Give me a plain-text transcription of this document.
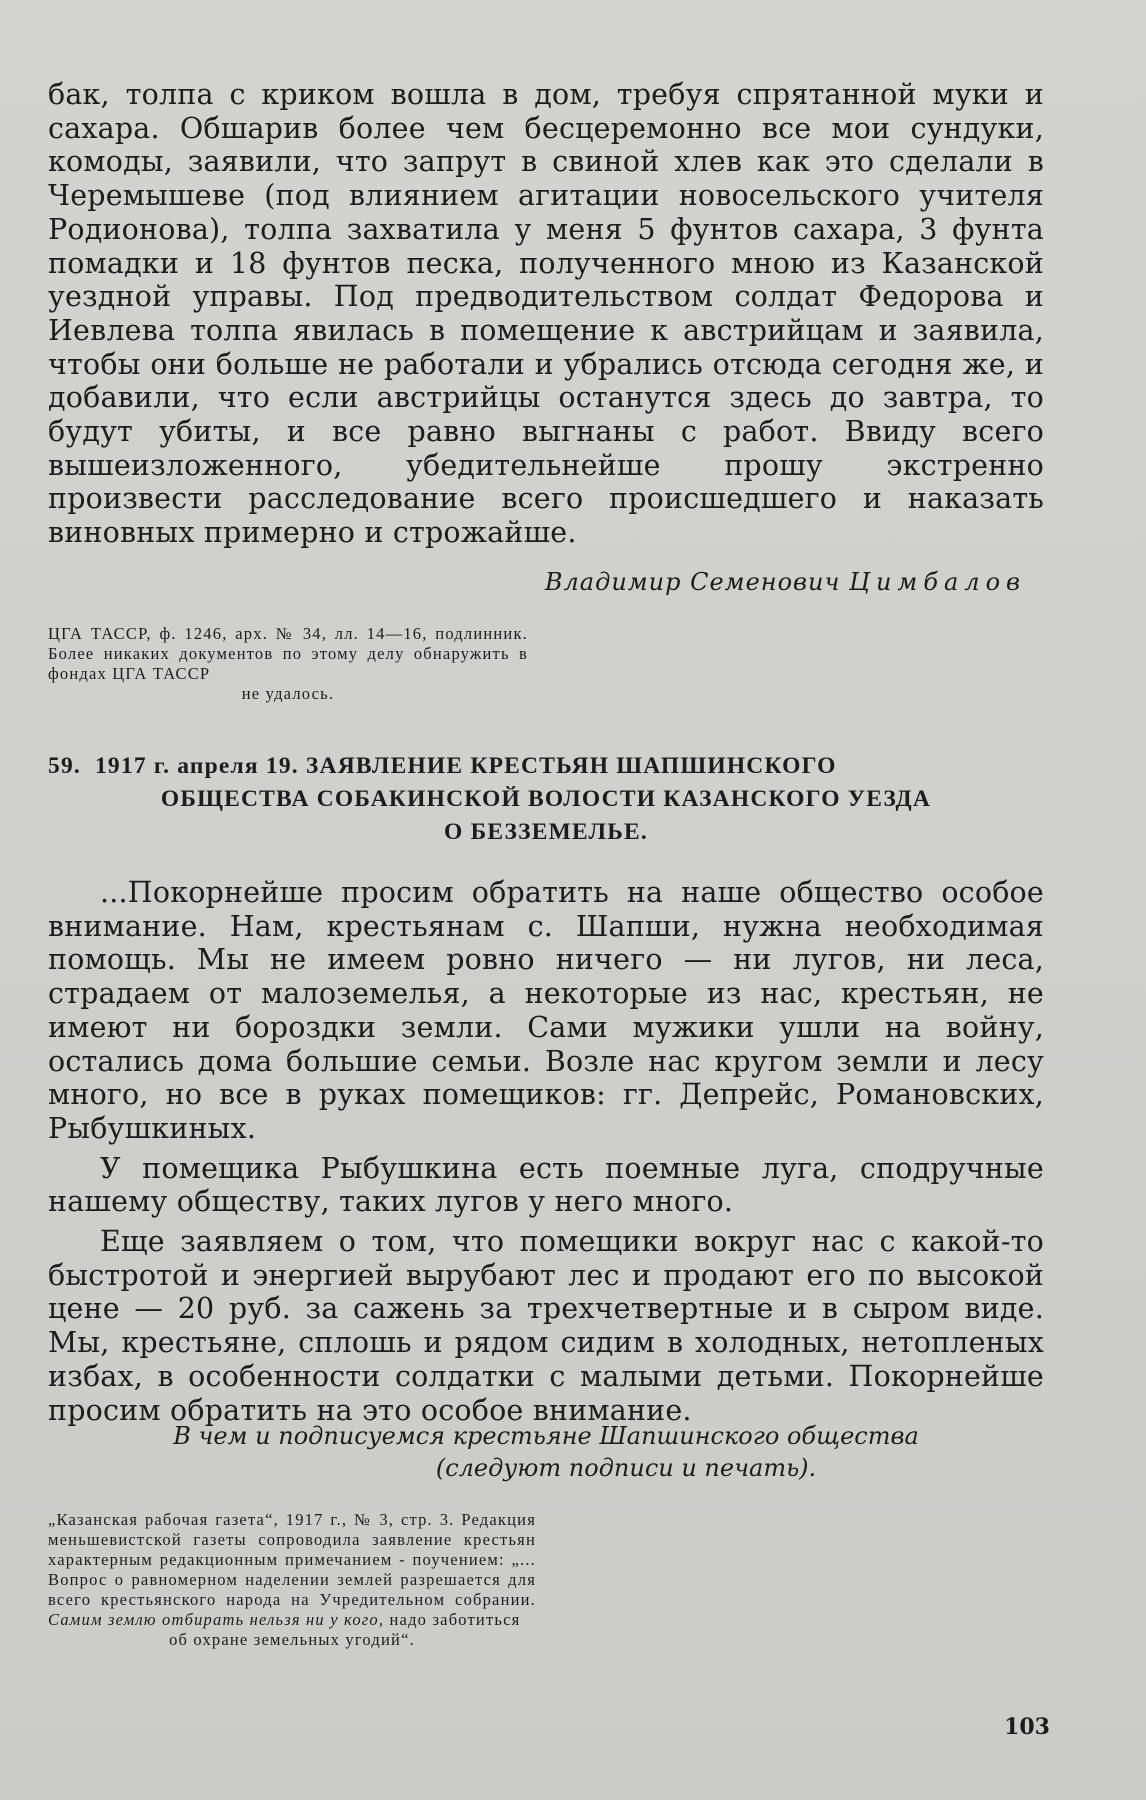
бак, толпа с криком вошла в дом, требуя спрятанной муки и сахара. Обшарив более чем бесцеремонно все мои сундуки, комоды, заявили, что запрут в свиной хлев как это сделали в Черемышеве (под влиянием агитации новосельского учителя Родионова), толпа захватила у меня 5 фунтов сахара, 3 фунта помадки и 18 фунтов песка, полученного мною из Казанской уездной управы. Под предводительством солдат Федорова и Иевлева толпа явилась в помещение к австрийцам и заявила, чтобы они больше не работали и убрались отсюда сегодня же, и добавили, что если австрийцы останутся здесь до завтра, то будут убиты, и все равно выгнаны с работ. Ввиду всего вышеизложенного, убедительнейше прошу экстренно произвести расследование всего происшедшего и наказать виновных примерно и строжайше.

Владимир Семенович Цимбалов

ЦГА ТАССР, ф. 1246, арх. № 34, лл. 14—16, подлинник. Более никаких документов по этому делу обнаружить в фондах ЦГА ТАССР
не удалось.

59. 1917 г. апреля 19. ЗАЯВЛЕНИЕ КРЕСТЬЯН ШАПШИНСКОГО
ОБЩЕСТВА СОБАКИНСКОЙ ВОЛОСТИ КАЗАНСКОГО УЕЗДА
О БЕЗЗЕМЕЛЬЕ.

...Покорнейше просим обратить на наше общество особое внимание. Нам, крестьянам с. Шапши, нужна необходимая помощь. Мы не имеем ровно ничего — ни лугов, ни леса, страдаем от малоземелья, а некоторые из нас, крестьян, не имеют ни бороздки земли. Сами мужики ушли на войну, остались дома большие семьи. Возле нас кругом земли и лесу много, но все в руках помещиков: гг. Депрейс, Романовских, Рыбушкиных.

У помещика Рыбушкина есть поемные луга, сподручные нашему обществу, таких лугов у него много.

Еще заявляем о том, что помещики вокруг нас с какой-то быстротой и энергией вырубают лес и продают его по высокой цене — 20 руб. за сажень за трехчетвертные и в сыром виде. Мы, крестьяне, сплошь и рядом сидим в холодных, нетопленых избах, в особенности солдатки с малыми детьми. Покорнейше просим обратить на это особое внимание.

В чем и подписуемся крестьяне Шапшинского общества
(следуют подписи и печать).

„Казанская рабочая газета“, 1917 г., № 3, стр. 3. Редакция меньшевистской газеты сопроводила заявление крестьян характерным редакционным примечанием - поучением: „... Вопрос о равномерном наделении землей разрешается для всего крестьянского народа на Учредительном собрании. Самим землю отбирать нельзя ни у кого, надо заботиться
об охране земельных угодий“.

103
